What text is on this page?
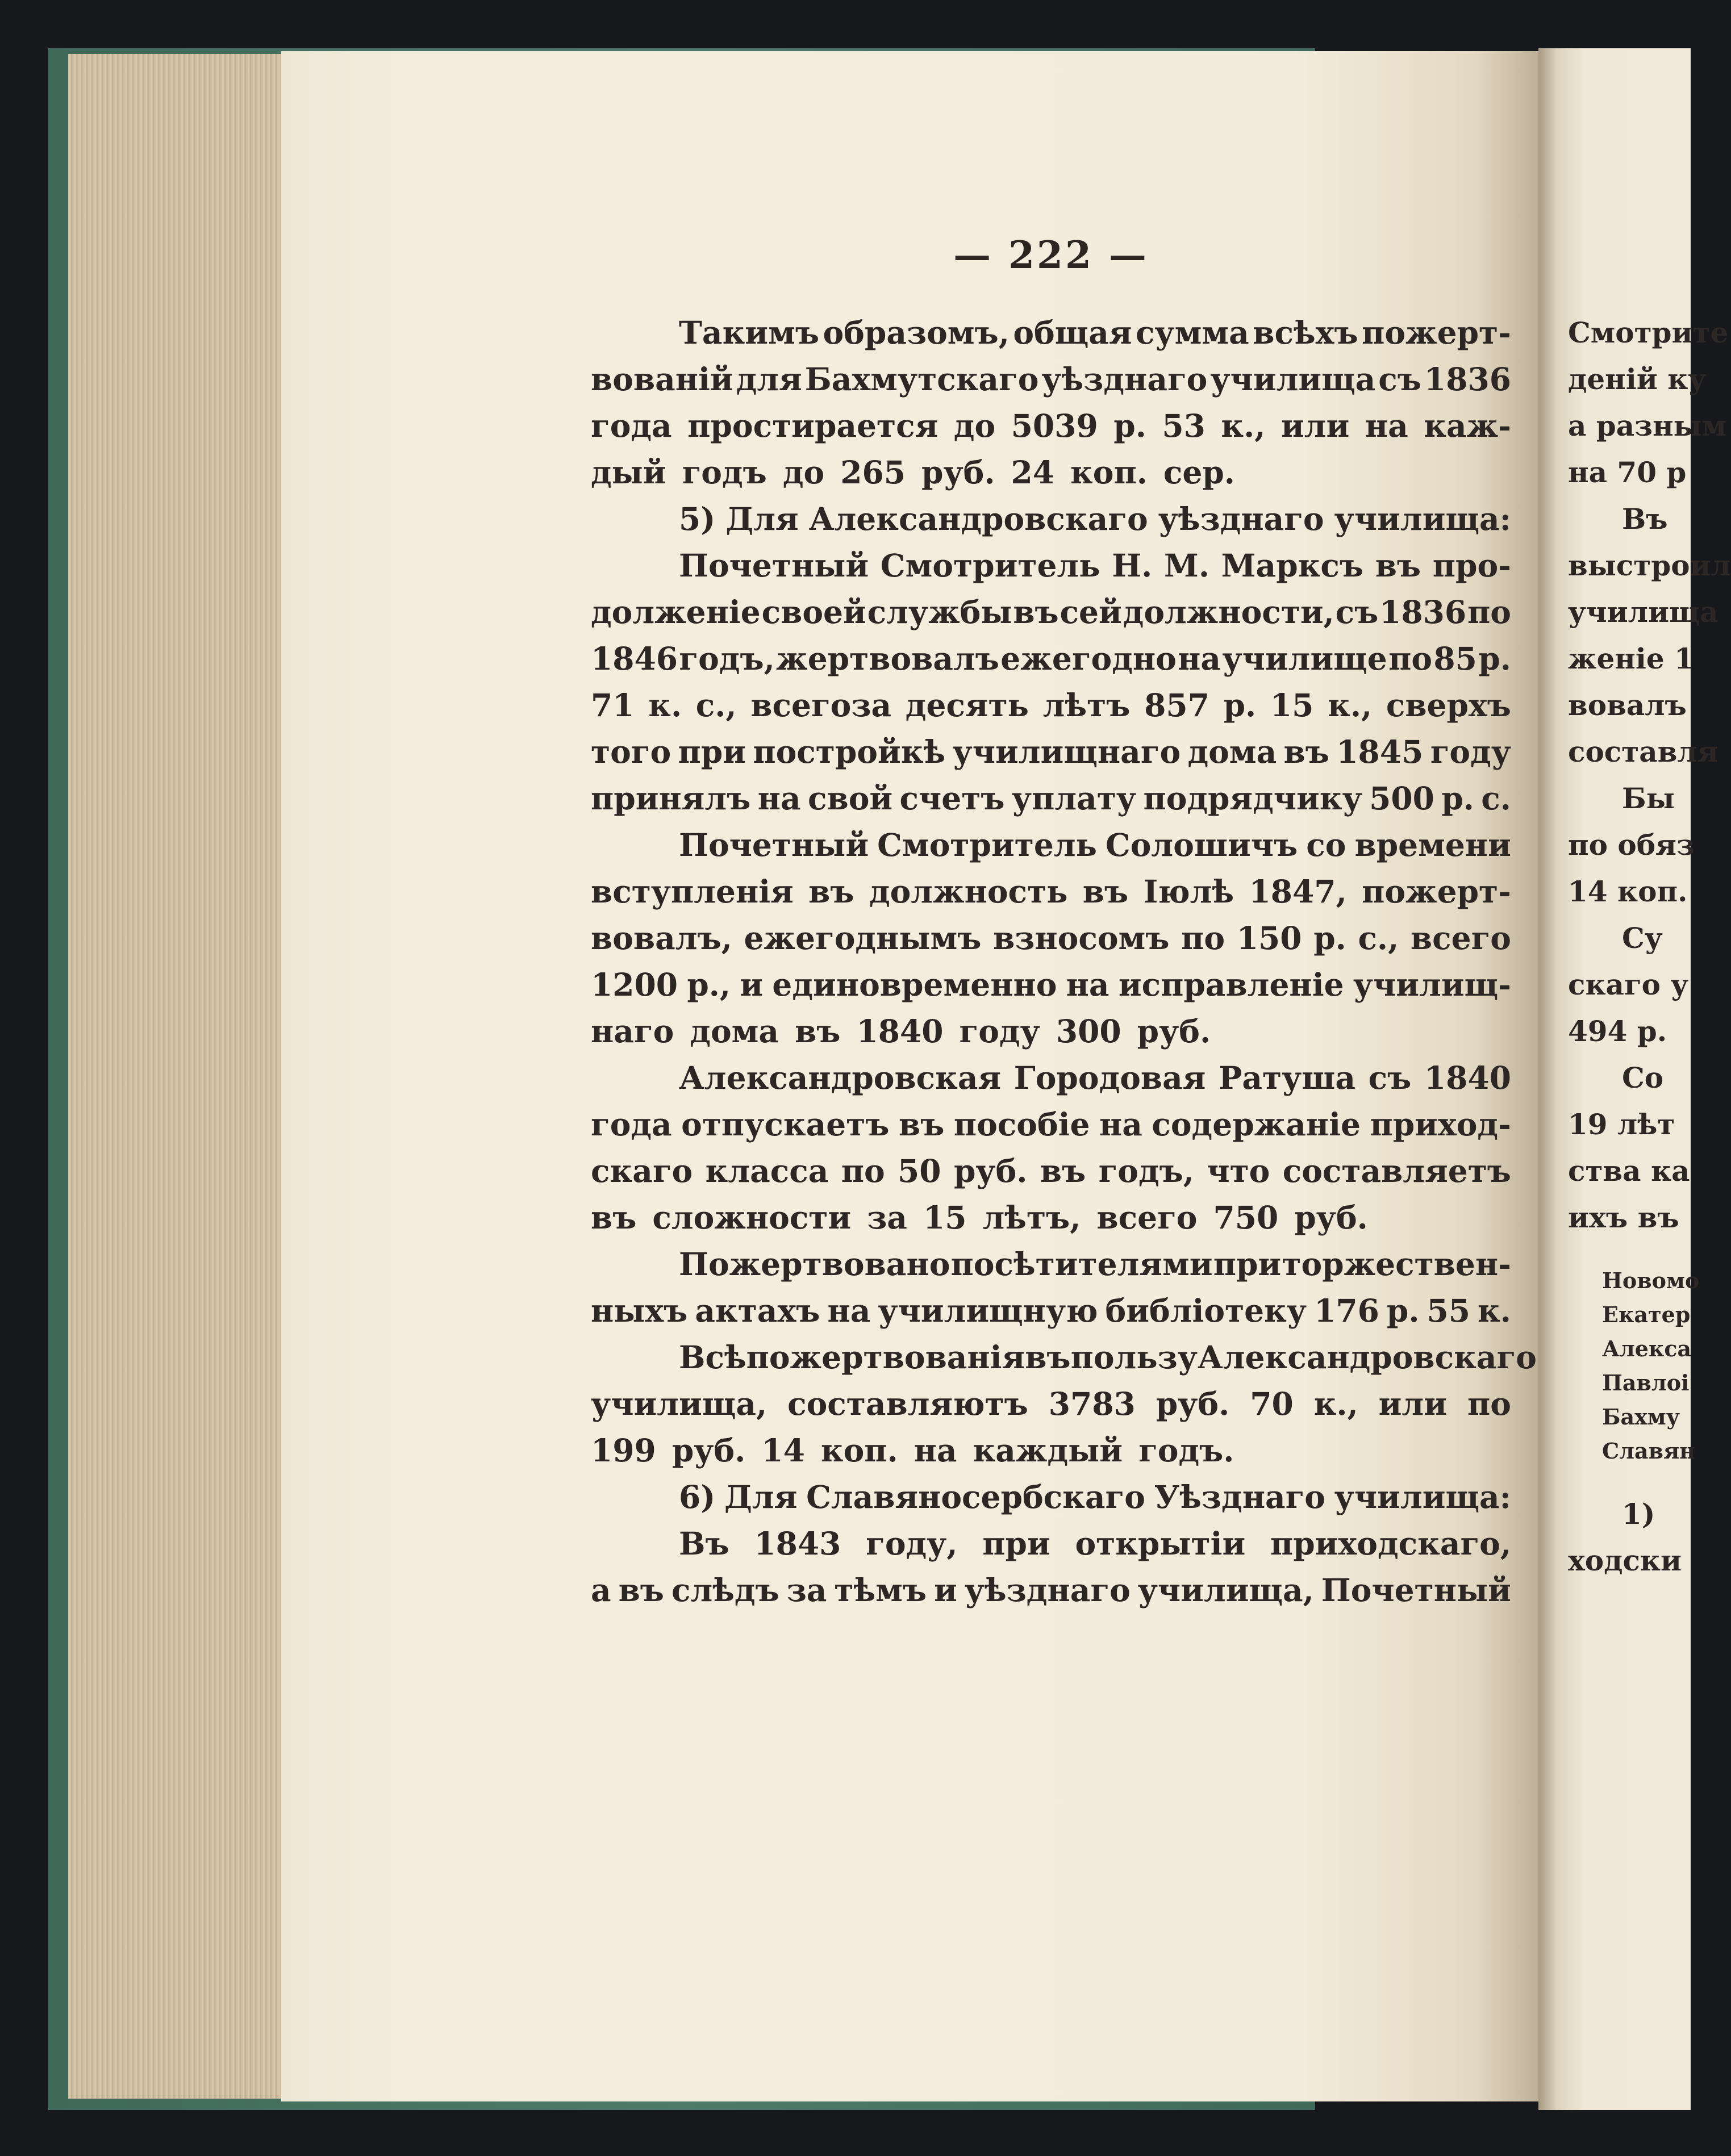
— 222 —
Такимъ образомъ, общая сумма всѣхъ пожерт-
вованій для Бахмутскаго уѣзднаго училища съ 1836
года простирается до 5039 р. 53 к., или на каж-
дый годъ до 265 руб. 24 коп. сер.
5) Для Александровскаго уѣзднаго училища:
Почетный Смотритель Н. М. Марксъ въ про-
долженіе своей службы въ сей должности, съ 1836 по
1846 годъ, жертвовалъ ежегодно на училище по 85 р.
71 к. с., всегоза десять лѣтъ 857 р. 15 к., сверхъ
того при постройкѣ училищнаго дома въ 1845 году
принялъ на свой счетъ уплату подрядчику 500 р. с.
Почетный Смотритель Солошичъ со времени
вступленія въ должность въ Іюлѣ 1847, пожерт-
вовалъ, ежегоднымъ взносомъ по 150 р. с., всего
1200 р., и единовременно на исправленіе училищ-
наго дома въ 1840 году 300 руб.
Александровская Городовая Ратуша съ 1840
года отпускаетъ въ пособіе на содержаніе приход-
скаго класса по 50 руб. въ годъ, что составляетъ
въ сложности за 15 лѣтъ, всего 750 руб.
Пожертвовано посѣтителями при торжествен-
ныхъ актахъ на училищную библіотеку 176 р. 55 к.
Всѣ пожертвованія въ пользу Александровскаго
училища, составляютъ 3783 руб. 70 к., или по
199 руб. 14 коп. на каждый годъ.
6) Для Славяносербскаго Уѣзднаго училища:
Въ 1843 году, при открытіи приходскаго,
а въ слѣдъ за тѣмъ и уѣзднаго училища, Почетный
Смотрите
деній ку
а разным
на 70 р
Въ
выстроил
училища
женіе 1
вовалъ
составля
Бы
по обяз
14 коп.
Су
скаго у
494 р.
Со
19 лѣт
ства ка
ихъ въ
Новомо
Екатер
Алекса
Павлоі
Бахму
Славян
1)
ходски
